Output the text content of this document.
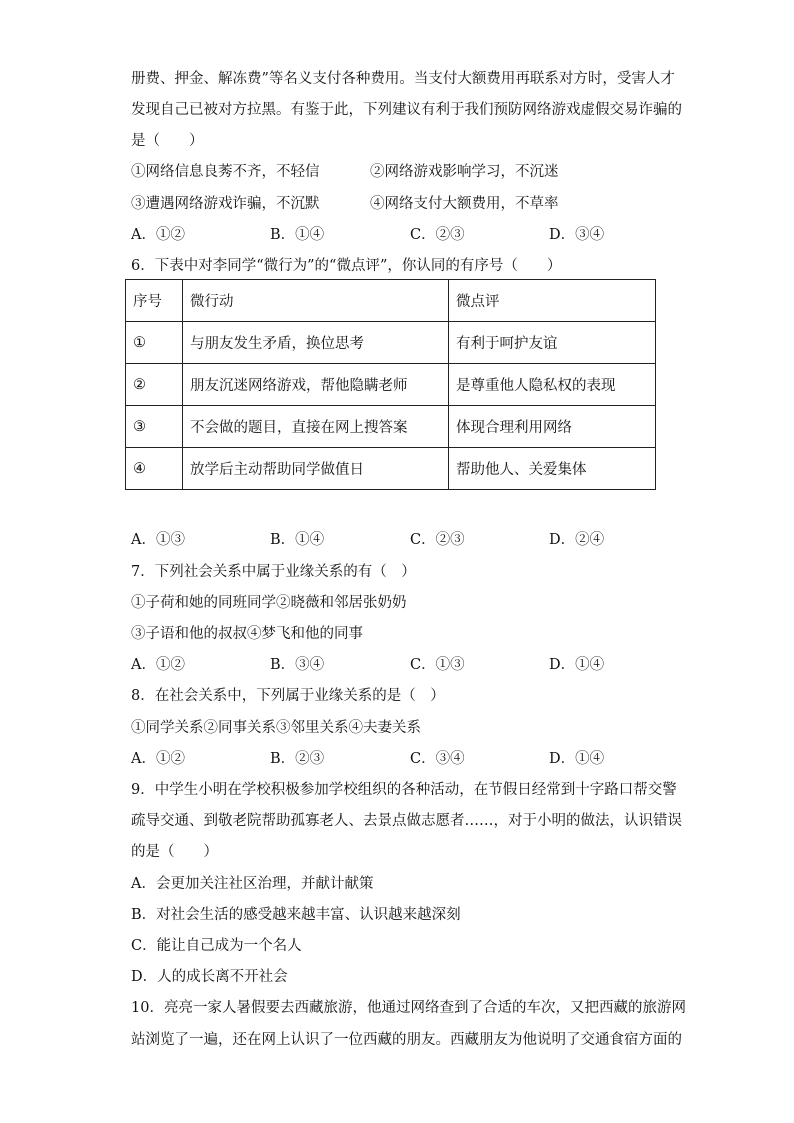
册费、押金、解冻费”等名义支付各种费用。当支付大额费用再联系对方时，受害人才
发现自己已被对方拉黑。有鉴于此，下列建议有利于我们预防网络游戏虚假交易诈骗的
是（　　）
①网络信息良莠不齐，不轻信	②网络游戏影响学习，不沉迷
③遭遇网络游戏诈骗，不沉默	④网络支付大额费用，不草率
A．①②	B．①④	C．②③	D．③④
6．下表中对李同学“微行为”的“微点评”，你认同的有序号（　　）
序号	微行动	微点评
①	与朋友发生矛盾，换位思考	有利于呵护友谊
②	朋友沉迷网络游戏，帮他隐瞒老师	是尊重他人隐私权的表现
③	不会做的题目，直接在网上搜答案	体现合理利用网络
④	放学后主动帮助同学做值日	帮助他人、关爱集体
A．①③	B．①④	C．②③	D．②④
7．下列社会关系中属于业缘关系的有（　）
①子荷和她的同班同学②晓薇和邻居张奶奶
③子语和他的叔叔④梦飞和他的同事
A．①②	B．③④	C．①③	D．①④
8．在社会关系中，下列属于业缘关系的是（　）
①同学关系②同事关系③邻里关系④夫妻关系
A．①②	B．②③	C．③④	D．①④
9．中学生小明在学校积极参加学校组织的各种活动，在节假日经常到十字路口帮交警
疏导交通、到敬老院帮助孤寡老人、去景点做志愿者……，对于小明的做法，认识错误
的是（　　）
A．会更加关注社区治理，并献计献策
B．对社会生活的感受越来越丰富、认识越来越深刻
C．能让自己成为一个名人
D．人的成长离不开社会
10．亮亮一家人暑假要去西藏旅游，他通过网络查到了合适的车次，又把西藏的旅游网
站浏览了一遍，还在网上认识了一位西藏的朋友。西藏朋友为他说明了交通食宿方面的
